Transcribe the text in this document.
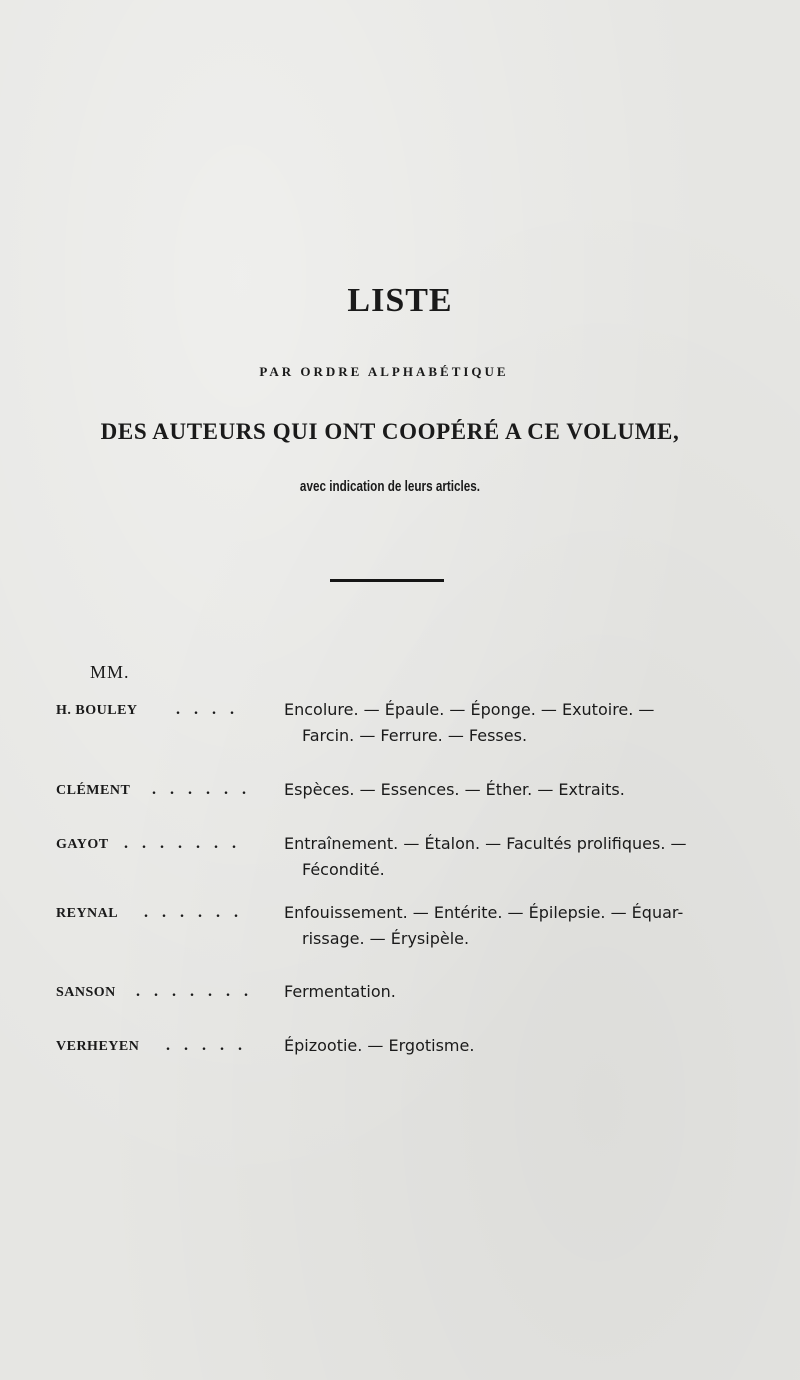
LISTE
PAR ORDRE ALPHABÉTIQUE
DES AUTEURS QUI ONT COOPÉRÉ A CE VOLUME,
avec indication de leurs articles.
MM.
H. BOULEY . . . .	Encolure. — Épaule. — Éponge. — Exutoire. —
Farcin. — Ferrure. — Fesses.
CLÉMENT . . . . . . Espèces. — Essences. — Éther. — Extraits.
GAYOT . . . . . . .	Entraînement. — Étalon. — Facultés prolifiques. —
Fécondité.
REYNAL . . . . . .	Enfouissement. — Entérite. — Épilepsie. — Équar-
rissage. — Érysipèle.
SANSON . . . . . . . Fermentation.
VERHEYEN . . . . . Épizootie. — Ergotisme.
